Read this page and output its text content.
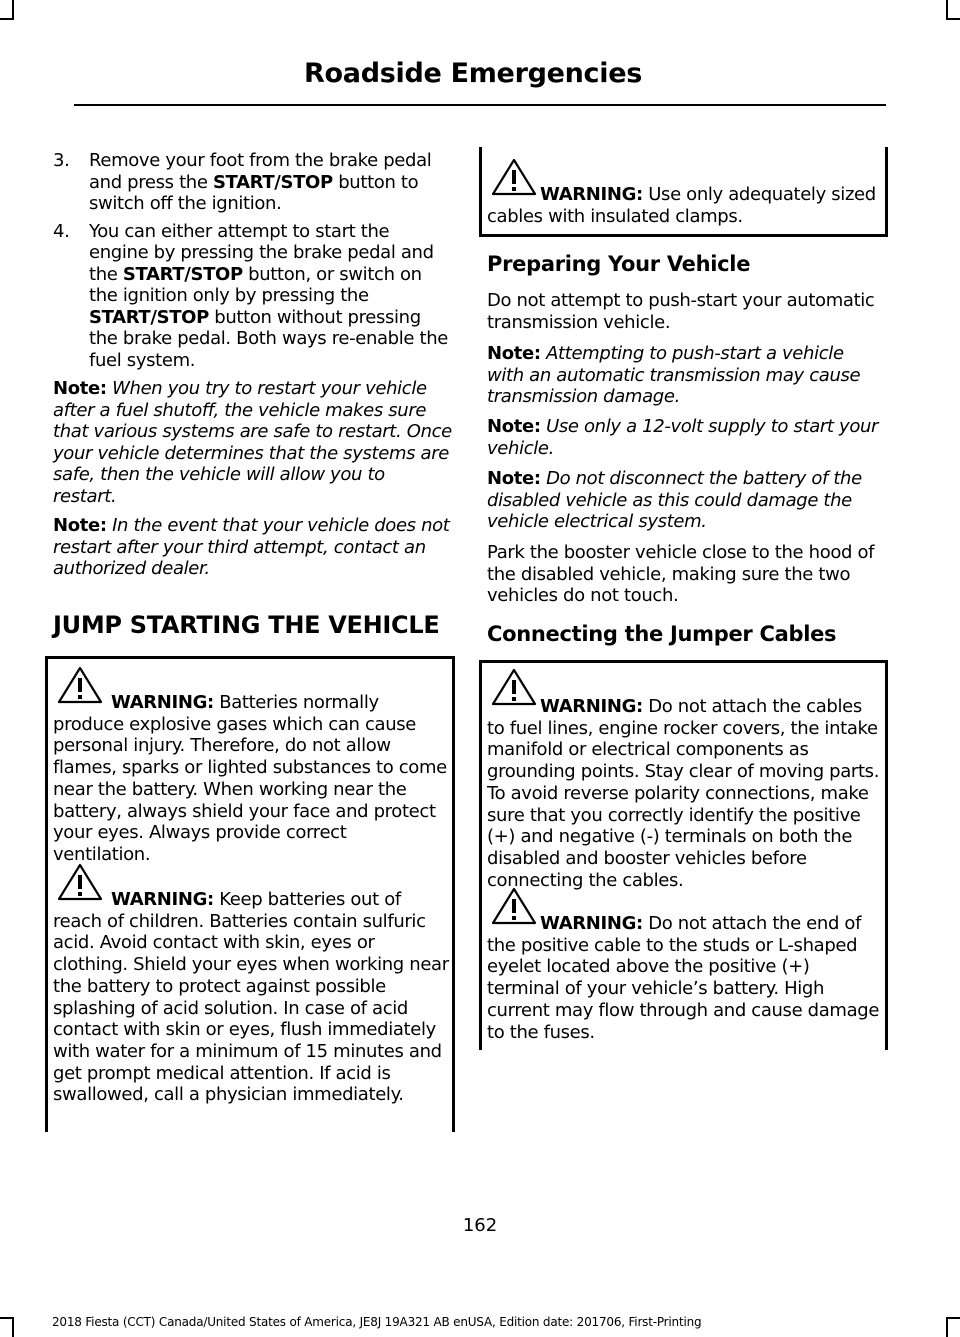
Roadside Emergencies
3. Remove your foot from the brake pedal and press the START/STOP button to switch off the ignition.
4. You can either attempt to start the engine by pressing the brake pedal and the START/STOP button, or switch on the ignition only by pressing the START/STOP button without pressing the brake pedal. Both ways re-enable the fuel system.

Note: When you try to restart your vehicle after a fuel shutoff, the vehicle makes sure that various systems are safe to restart. Once your vehicle determines that the systems are safe, then the vehicle will allow you to restart.

Note: In the event that your vehicle does not restart after your third attempt, contact an authorized dealer.

JUMP STARTING THE VEHICLE
WARNING: Batteries normally produce explosive gases which can cause personal injury. Therefore, do not allow flames, sparks or lighted substances to come near the battery. When working near the battery, always shield your face and protect your eyes. Always provide correct ventilation.
WARNING: Keep batteries out of reach of children. Batteries contain sulfuric acid. Avoid contact with skin, eyes or clothing. Shield your eyes when working near the battery to protect against possible splashing of acid solution. In case of acid contact with skin or eyes, flush immediately with water for a minimum of 15 minutes and get prompt medical attention. If acid is swallowed, call a physician immediately.
WARNING: Use only adequately sized cables with insulated clamps.
Preparing Your Vehicle

Do not attempt to push-start your automatic transmission vehicle.

Note: Attempting to push-start a vehicle with an automatic transmission may cause transmission damage.

Note: Use only a 12-volt supply to start your vehicle.

Note: Do not disconnect the battery of the disabled vehicle as this could damage the vehicle electrical system.

Park the booster vehicle close to the hood of the disabled vehicle, making sure the two vehicles do not touch.

Connecting the Jumper Cables
WARNING: Do not attach the cables to fuel lines, engine rocker covers, the intake manifold or electrical components as grounding points. Stay clear of moving parts. To avoid reverse polarity connections, make sure that you correctly identify the positive (+) and negative (-) terminals on both the disabled and booster vehicles before connecting the cables.
WARNING: Do not attach the end of the positive cable to the studs or L-shaped eyelet located above the positive (+) terminal of your vehicle’s battery. High current may flow through and cause damage to the fuses.
162
2018 Fiesta (CCT) Canada/United States of America, JE8J 19A321 AB enUSA, Edition date: 201706, First-Printing
